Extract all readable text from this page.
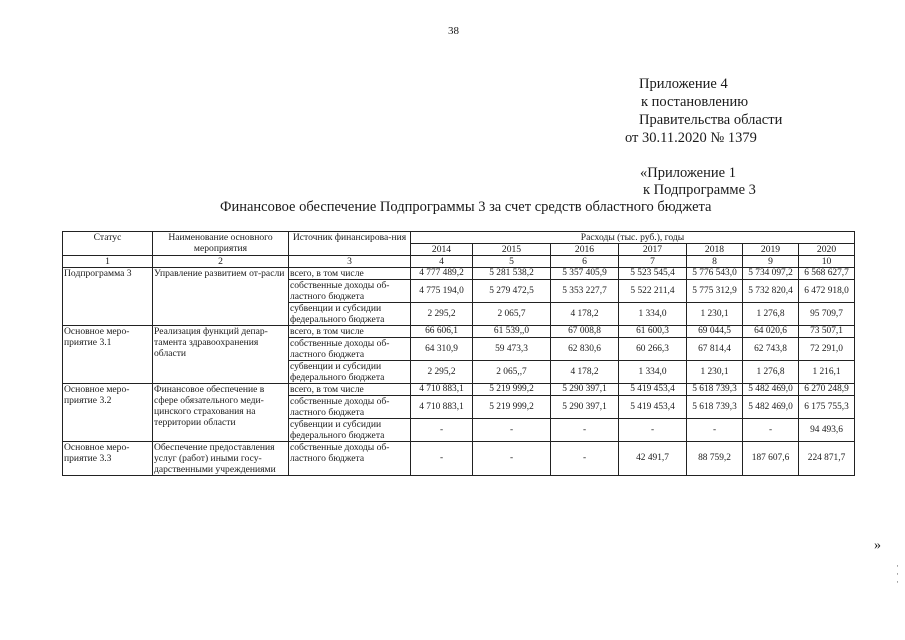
38
Приложение 4
к постановлению
Правительства области
от 30.11.2020 № 1379
«Приложение 1
к Подпрограмме 3
Финансовое обеспечение Подпрограммы 3 за счет средств областного бюджета
Статус	Наименование основного мероприятия	Источник финансирова-ния	Расходы (тыс. руб.), годы						
			2014	2015	2016	2017	2018	2019	2020
1	2	3	4	5	6	7	8	9	10
Подпрограмма 3	Управление развитием от-расли	всего, в том числе	4 777 489,2	5 281 538,2	5 357 405,9	5 523 545,4	5 776 543,0	5 734 097,2	6 568 627,7
		собственные доходы об-ластного бюджета	4 775 194,0	5 279 472,5	5 353 227,7	5 522 211,4	5 775 312,9	5 732 820,4	6 472 918,0
		субвенции и субсидии федерального бюджета	2 295,2	2 065,7	4 178,2	1 334,0	1 230,1	1 276,8	95 709,7
Основное меро-приятие 3.1	Реализация функций депар-тамента здравоохранения области	всего, в том числе	66 606,1	61 539,,0	67 008,8	61 600,3	69 044,5	64 020,6	73 507,1
		собственные доходы об-ластного бюджета	64 310,9	59 473,3	62 830,6	60 266,3	67 814,4	62 743,8	72 291,0
		субвенции и субсидии федерального бюджета	2 295,2	2 065,,7	4 178,2	1 334,0	1 230,1	1 276,8	1 216,1
Основное меро-приятие 3.2	Финансовое обеспечение в сфере обязательного меди-цинского страхования на территории области	всего, в том числе	4 710 883,1	5 219 999,2	5 290 397,1	5 419 453,4	5 618 739,3	5 482 469,0	6 270 248,9
		собственные доходы об-ластного бюджета	4 710 883,1	5 219 999,2	5 290 397,1	5 419 453,4	5 618 739,3	5 482 469,0	6 175 755,3
		субвенции и субсидии федерального бюджета	-	-	-	-	-	-	94 493,6
Основное меро-приятие 3.3	Обеспечение предоставления услуг (работ) иными госу-дарственными учреждениями	собственные доходы об-ластного бюджета	-	-	-	42 491,7	88 759,2	187 607,6	224 871,7
»
·
·
·
